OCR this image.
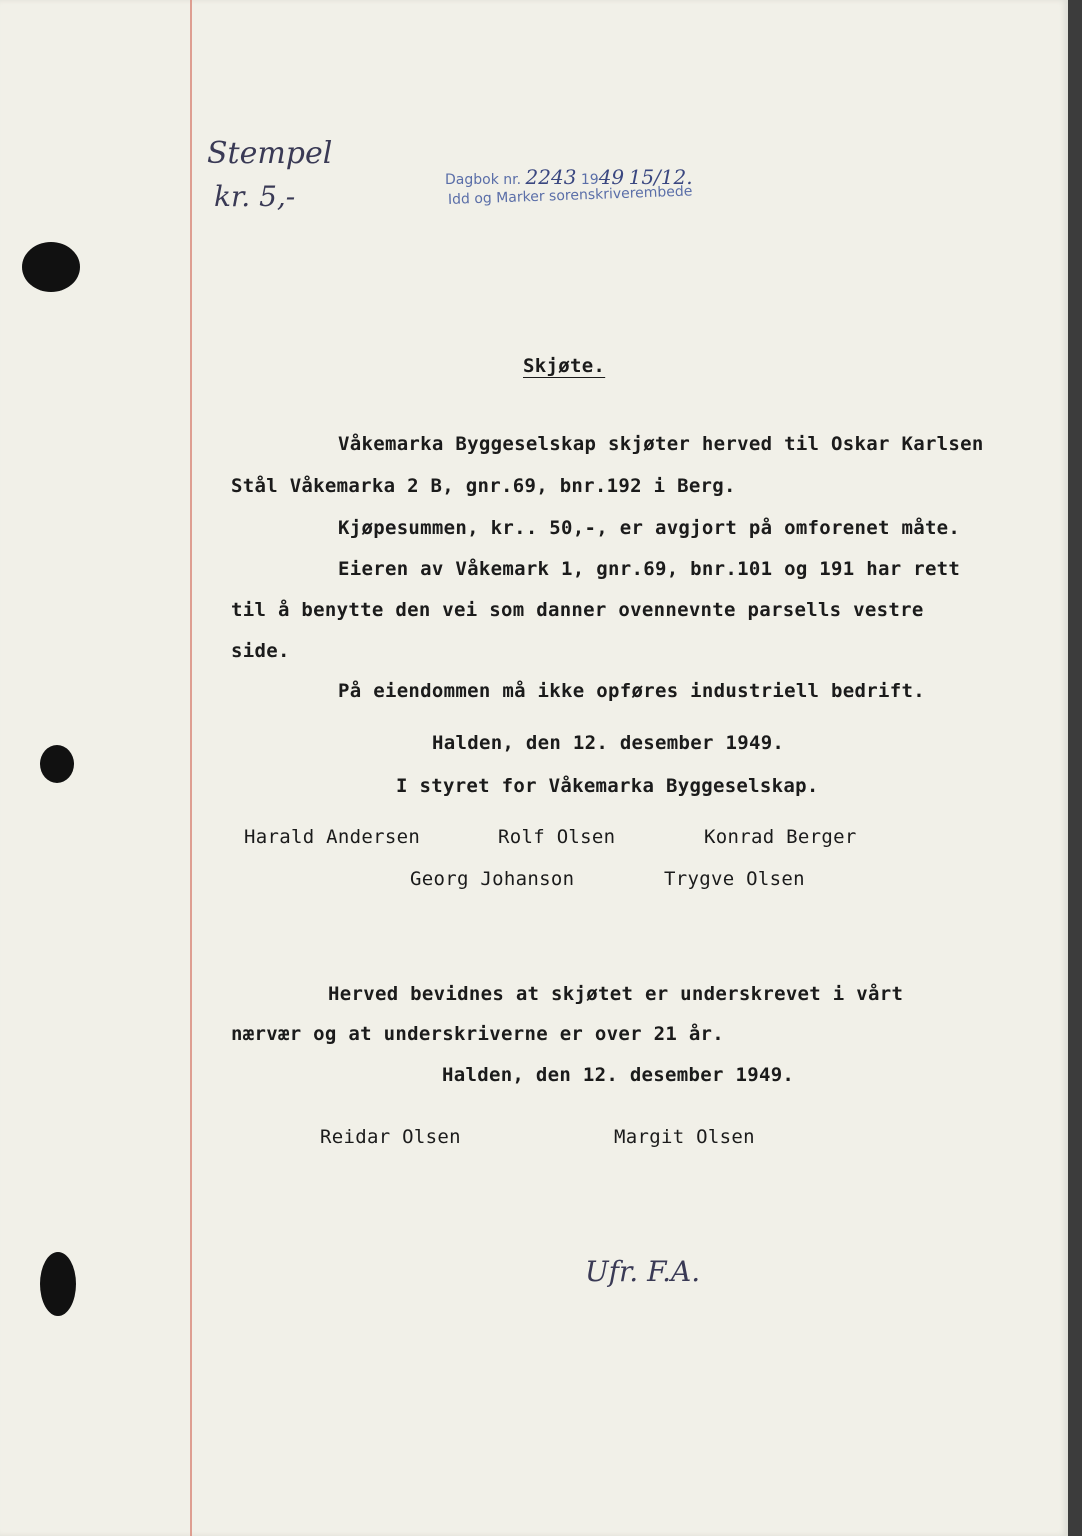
Stempel
kr. 5,-	Dagbok nr. 2243 1949 15/12.
Idd og Marker sorenskriverembede
Skjøte.
Våkemarka Byggeselskap skjøter herved til Oskar Karlsen
Stål Våkemarka 2 B, gnr.69, bnr.192 i Berg.
Kjøpesummen, kr.. 50,-, er avgjort på omforenet måte.
Eieren av Våkemark 1, gnr.69, bnr.101 og 191 har rett
til å benytte den vei som danner ovennevnte parsells vestre
side.
På eiendommen må ikke opføres industriell bedrift.
Halden, den 12. desember 1949.
I styret for Våkemarka Byggeselskap.
Harald Andersen	Rolf Olsen	Konrad Berger
Georg Johanson	Trygve Olsen
Herved bevidnes at skjøtet er underskrevet i vårt
nærvær og at underskriverne er over 21 år.
Halden, den 12. desember 1949.
Reidar Olsen	Margit Olsen
Ufr. F.A.
